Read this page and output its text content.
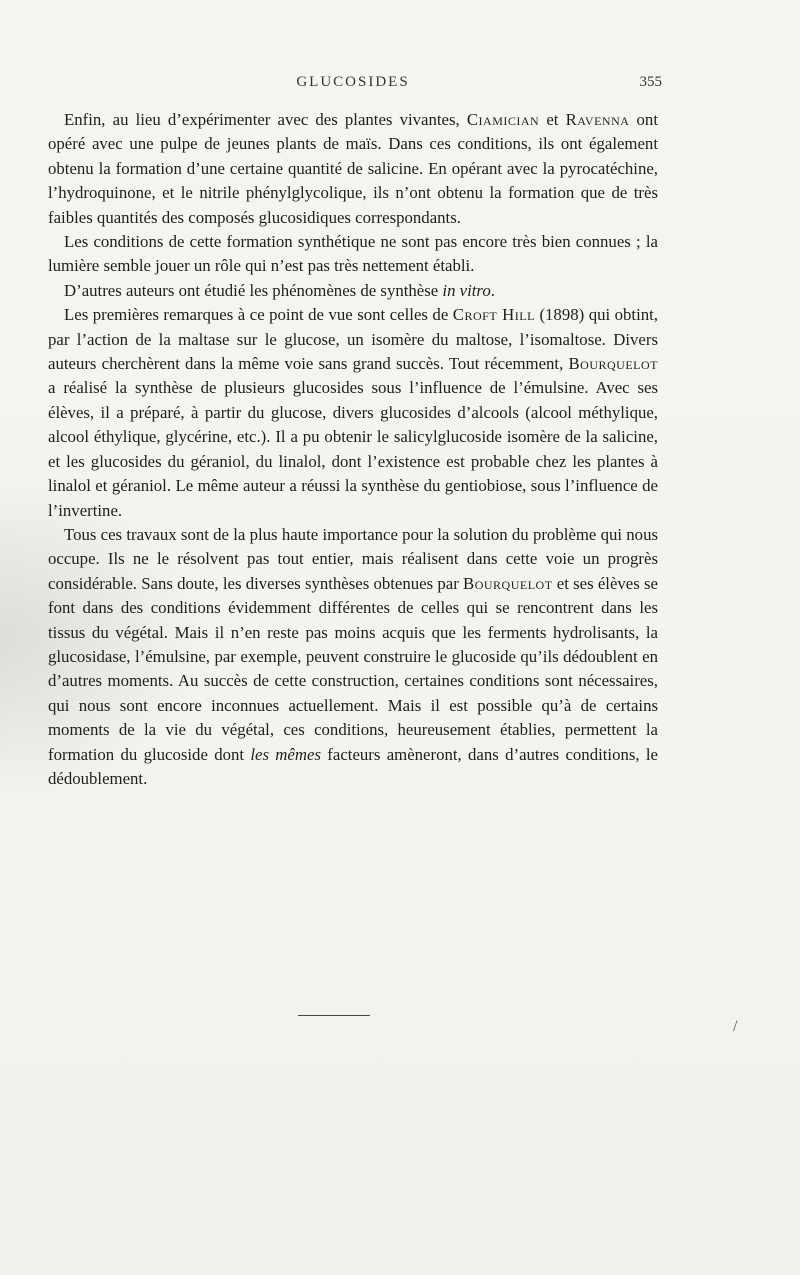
GLUCOSIDES	355

Enfin, au lieu d’expérimenter avec des plantes vivantes, Ciamician et Ravenna ont opéré avec une pulpe de jeunes plants de maïs. Dans ces conditions, ils ont également obtenu la formation d’une certaine quantité de salicine. En opérant avec la pyrocatéchine, l’hydroquinone, et le nitrile phénylglycolique, ils n’ont obtenu la formation que de très faibles quantités des composés glucosidiques correspondants.

Les conditions de cette formation synthétique ne sont pas encore très bien connues ; la lumière semble jouer un rôle qui n’est pas très nettement établi.

D’autres auteurs ont étudié les phénomènes de synthèse in vitro.

Les premières remarques à ce point de vue sont celles de Croft Hill (1898) qui obtint, par l’action de la maltase sur le glucose, un isomère du maltose, l’isomaltose. Divers auteurs cherchèrent dans la même voie sans grand succès. Tout récemment, Bourquelot a réalisé la synthèse de plusieurs glucosides sous l’influence de l’émulsine. Avec ses élèves, il a préparé, à partir du glucose, divers glucosides d’alcools (alcool méthylique, alcool éthylique, glycérine, etc.). Il a pu obtenir le salicylglucoside isomère de la salicine, et les glucosides du géraniol, du linalol, dont l’existence est probable chez les plantes à linalol et géraniol. Le même auteur a réussi la synthèse du gentiobiose, sous l’influence de l’invertine.

Tous ces travaux sont de la plus haute importance pour la solution du problème qui nous occupe. Ils ne le résolvent pas tout entier, mais réalisent dans cette voie un progrès considérable. Sans doute, les diverses synthèses obtenues par Bourquelot et ses élèves se font dans des conditions évidemment différentes de celles qui se rencontrent dans les tissus du végétal. Mais il n’en reste pas moins acquis que les ferments hydrolisants, la glucosidase, l’émulsine, par exemple, peuvent construire le glucoside qu’ils dédoublent en d’autres moments. Au succès de cette construction, certaines conditions sont nécessaires, qui nous sont encore inconnues actuellement. Mais il est possible qu’à de certains moments de la vie du végétal, ces conditions, heureusement établies, permettent la formation du glucoside dont les mêmes facteurs amèneront, dans d’autres conditions, le dédoublement.

/
